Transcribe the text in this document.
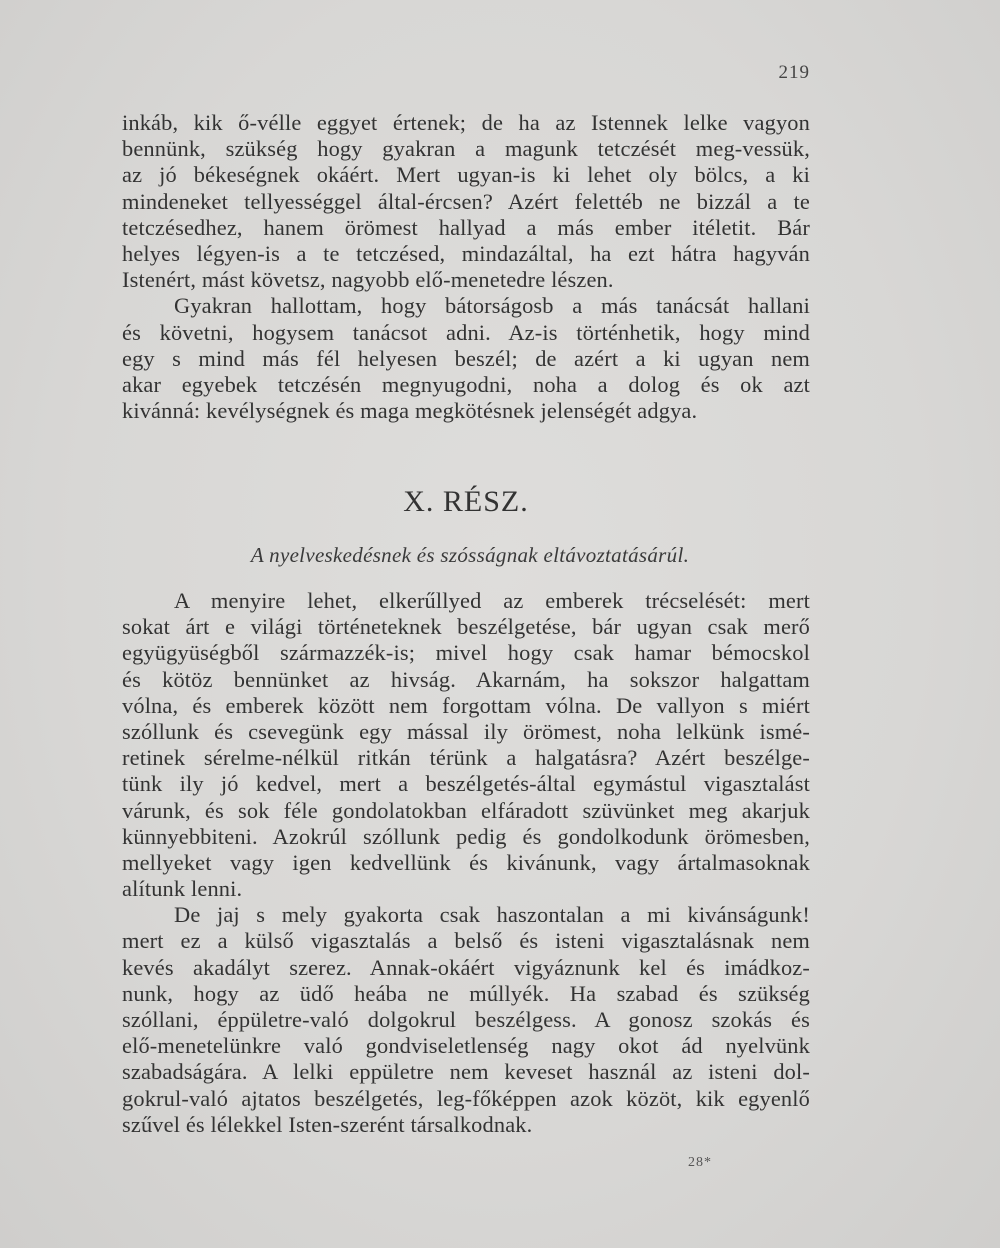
219
inkáb, kik ő-vélle eggyet értenek; de ha az Istennek lelke vagyon
bennünk, szükség hogy gyakran a magunk tetczését meg-vessük,
az jó békeségnek okáért. Mert ugyan-is ki lehet oly bölcs, a ki
mindeneket tellyességgel által-ércsen? Azért felettéb ne bizzál a te
tetczésedhez, hanem örömest hallyad a más ember itéletit. Bár
helyes légyen-is a te tetczésed, mindazáltal, ha ezt hátra hagyván
Istenért, mást követsz, nagyobb elő-menetedre lészen.
Gyakran hallottam, hogy bátorságosb a más tanácsát hallani
és követni, hogysem tanácsot adni. Az-is történhetik, hogy mind
egy s mind más fél helyesen beszél; de azért a ki ugyan nem
akar egyebek tetczésén megnyugodni, noha a dolog és ok azt
kivánná: kevélységnek és maga megkötésnek jelenségét adgya.
X. RÉSZ.
A nyelveskedésnek és szósságnak eltávoztatásárúl.
A menyire lehet, elkerűllyed az emberek trécselését: mert
sokat árt e világi történeteknek beszélgetése, bár ugyan csak merő
együgyüségből származzék-is; mivel hogy csak hamar bémocskol
és kötöz bennünket az hivság. Akarnám, ha sokszor halgattam
vólna, és emberek között nem forgottam vólna. De vallyon s miért
szóllunk és csevegünk egy mással ily örömest, noha lelkünk ismé-
retinek sérelme-nélkül ritkán térünk a halgatásra? Azért beszélge-
tünk ily jó kedvel, mert a beszélgetés-által egymástul vigasztalást
várunk, és sok féle gondolatokban elfáradott szüvünket meg akarjuk
künnyebbiteni. Azokrúl szóllunk pedig és gondolkodunk örömesben,
mellyeket vagy igen kedvellünk és kivánunk, vagy ártalmasoknak
alítunk lenni.
De jaj s mely gyakorta csak haszontalan a mi kivánságunk!
mert ez a külső vigasztalás a belső és isteni vigasztalásnak nem
kevés akadályt szerez. Annak-okáért vigyáznunk kel és imádkoz-
nunk, hogy az üdő heába ne múllyék. Ha szabad és szükség
szóllani, éppületre-való dolgokrul beszélgess. A gonosz szokás és
elő-menetelünkre való gondviseletlenség nagy okot ád nyelvünk
szabadságára. A lelki eppületre nem keveset használ az isteni dol-
gokrul-való ajtatos beszélgetés, leg-főképpen azok közöt, kik egyenlő
szűvel és lélekkel Isten-szerént társalkodnak.
28*
